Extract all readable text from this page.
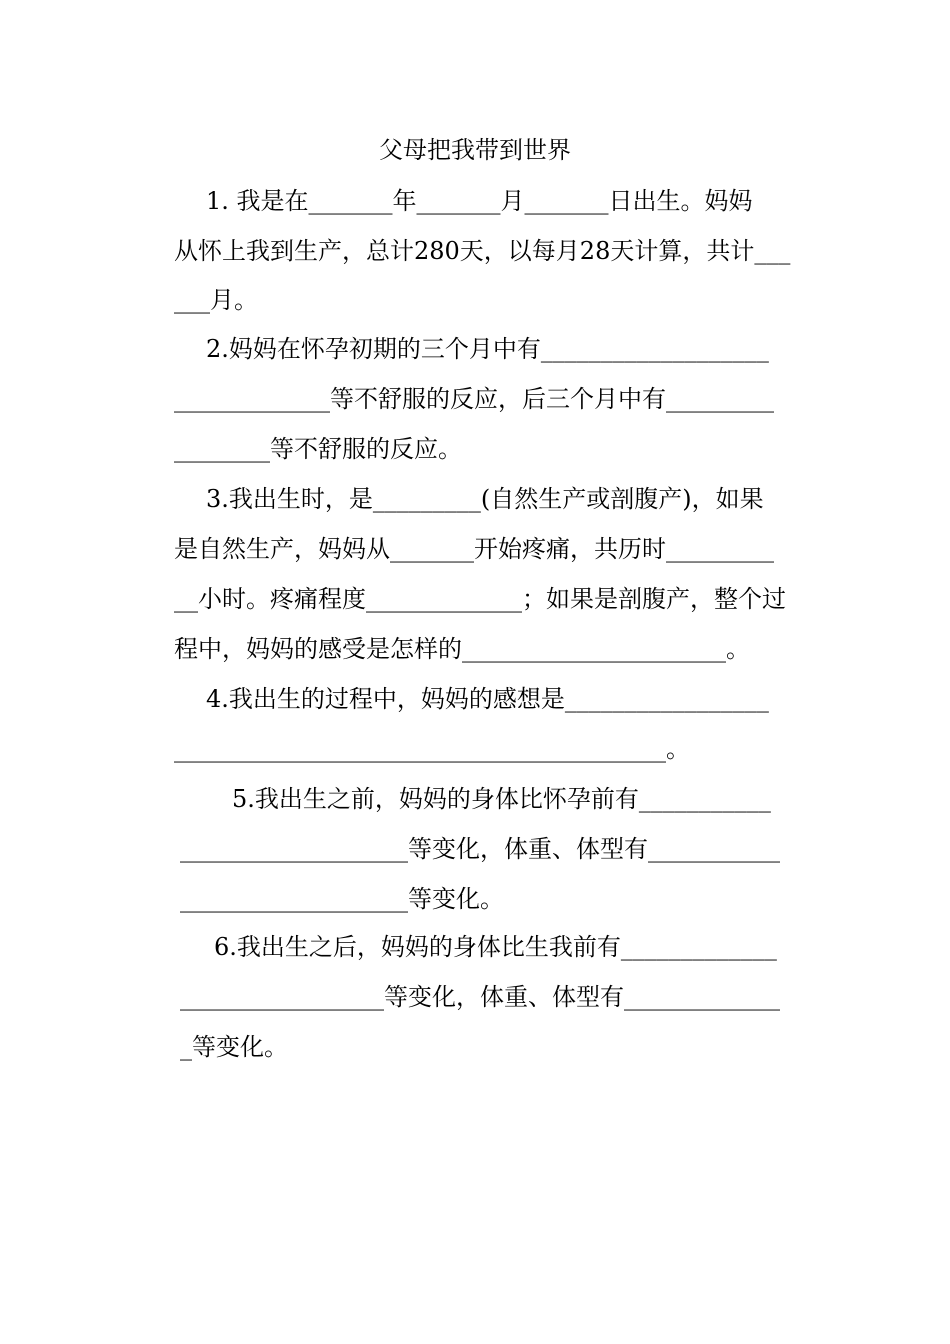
父母把我带到世界
1. 我是在_______年_______月_______日出生。妈妈
从怀上我到生产，总计280天，以每月28天计算，共计___
___月。
2.妈妈在怀孕初期的三个月中有___________________
_____________等不舒服的反应，后三个月中有_________
________等不舒服的反应。
3.我出生时，是_________(自然生产或剖腹产)，如果
是自然生产，妈妈从_______开始疼痛，共历时_________
__小时。疼痛程度_____________；如果是剖腹产，整个过
程中，妈妈的感受是怎样的______________________。
4.我出生的过程中，妈妈的感想是_________________
_________________________________________。
5.我出生之前，妈妈的身体比怀孕前有___________
___________________等变化，体重、体型有___________
___________________等变化。
6.我出生之后，妈妈的身体比生我前有_____________
_________________等变化，体重、体型有_____________
_等变化。
